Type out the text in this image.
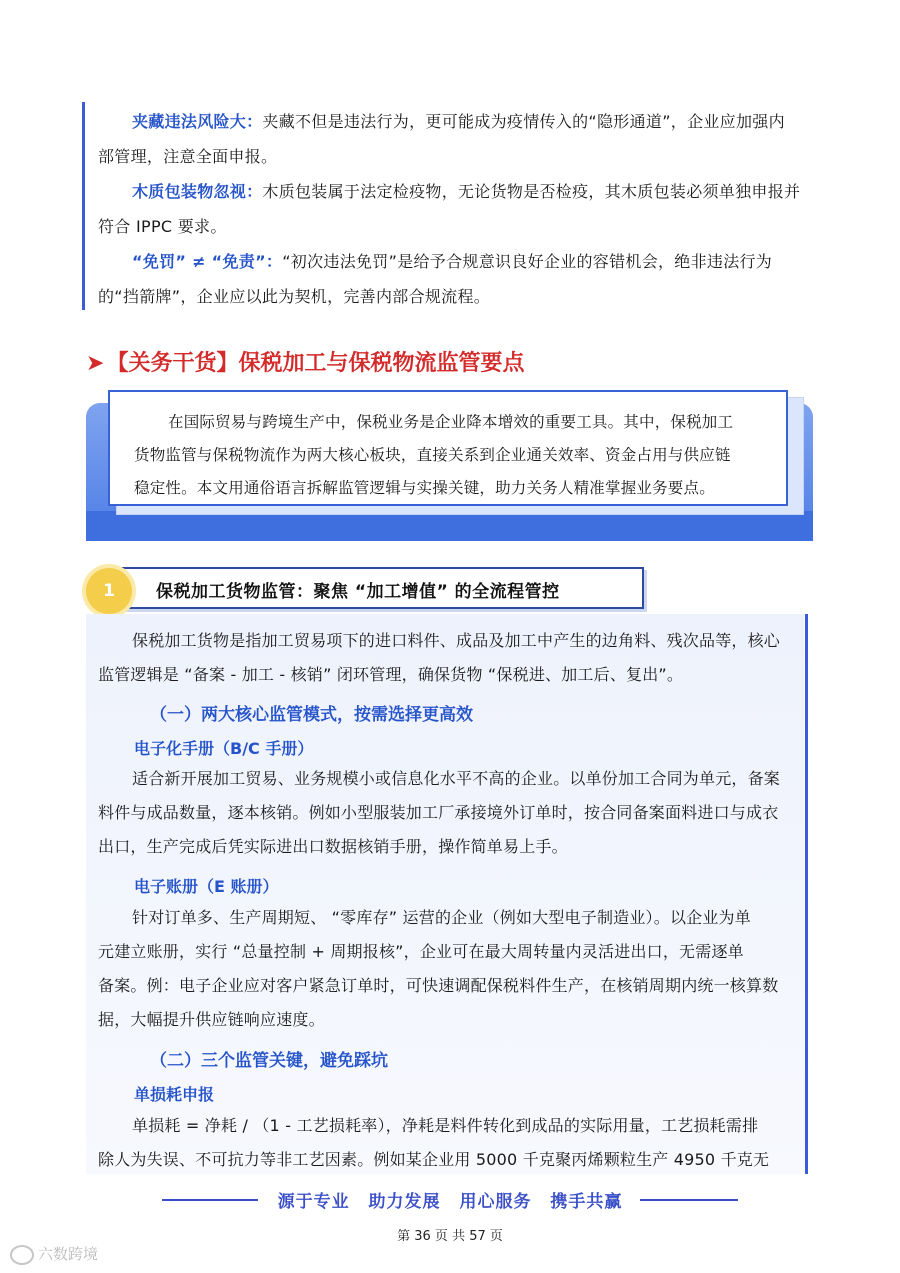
夹藏违法风险大：夹藏不但是违法行为，更可能成为疫情传入的“隐形通道”，企业应加强内
部管理，注意全面申报。
木质包装物忽视：木质包装属于法定检疫物，无论货物是否检疫，其木质包装必须单独申报并
符合 IPPC 要求。
“免罚” ≠ “免责”：“初次违法免罚”是给予合规意识良好企业的容错机会，绝非违法行为
的“挡箭牌”，企业应以此为契机，完善内部合规流程。
➤【关务干货】保税加工与保税物流监管要点

在国际贸易与跨境生产中，保税业务是企业降本增效的重要工具。其中，保税加工

货物监管与保税物流作为两大核心板块，直接关系到企业通关效率、资金占用与供应链

稳定性。本文用通俗语言拆解监管逻辑与实操关键，助力关务人精准掌握业务要点。

保税加工货物监管：聚焦 “加工增值” 的全流程管控
1
保税加工货物是指加工贸易项下的进口料件、成品及加工中产生的边角料、残次品等，核心
监管逻辑是 “备案 - 加工 - 核销” 闭环管理，确保货物 “保税进、加工后、复出”。
（一）两大核心监管模式，按需选择更高效
电子化手册（B/C 手册）
适合新开展加工贸易、业务规模小或信息化水平不高的企业。以单份加工合同为单元，备案
料件与成品数量，逐本核销。例如小型服装加工厂承接境外订单时，按合同备案面料进口与成衣
出口，生产完成后凭实际进出口数据核销手册，操作简单易上手。
电子账册（E 账册）
针对订单多、生产周期短、 “零库存” 运营的企业（例如大型电子制造业）。以企业为单
元建立账册，实行 “总量控制 + 周期报核”，企业可在最大周转量内灵活进出口，无需逐单
备案。例：电子企业应对客户紧急订单时，可快速调配保税料件生产，在核销周期内统一核算数
据，大幅提升供应链响应速度。
（二）三个监管关键，避免踩坑
单损耗申报
单损耗 = 净耗 / （1 - 工艺损耗率），净耗是料件转化到成品的实际用量，工艺损耗需排
除人为失误、不可抗力等非工艺因素。例如某企业用 5000 千克聚丙烯颗粒生产 4950 千克无
源于专业 助力发展 用心服务 携手共赢
第 36 页 共 57 页
六数跨境
